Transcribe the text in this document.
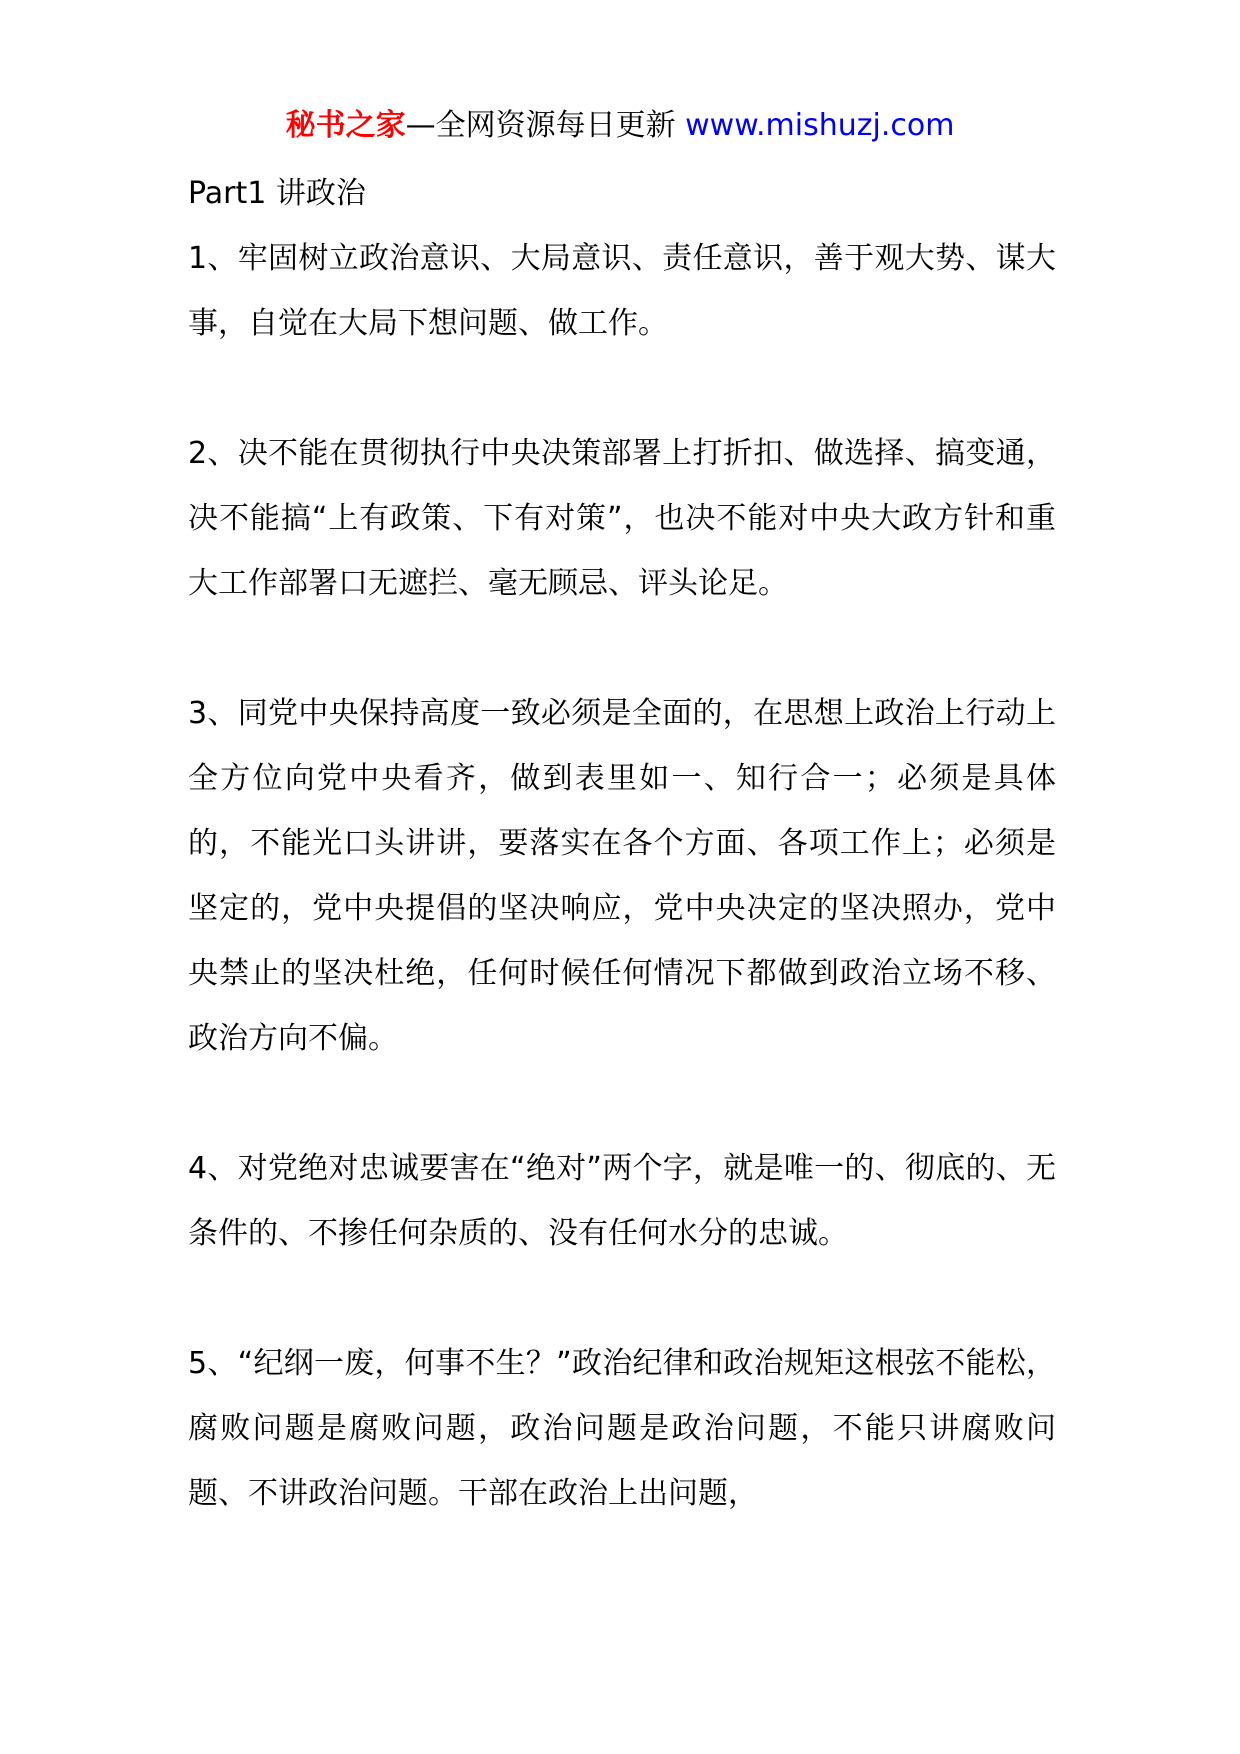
秘书之家—全网资源每日更新 www.mishuzj.com

Part1 讲政治

1、牢固树立政治意识、大局意识、责任意识，善于观大势、谋大事，自觉在大局下想问题、做工作。

2、决不能在贯彻执行中央决策部署上打折扣、做选择、搞变通，决不能搞“上有政策、下有对策”，也决不能对中央大政方针和重大工作部署口无遮拦、毫无顾忌、评头论足。

3、同党中央保持高度一致必须是全面的，在思想上政治上行动上全方位向党中央看齐，做到表里如一、知行合一；必须是具体的，不能光口头讲讲，要落实在各个方面、各项工作上；必须是坚定的，党中央提倡的坚决响应，党中央决定的坚决照办，党中央禁止的坚决杜绝，任何时候任何情况下都做到政治立场不移、政治方向不偏。

4、对党绝对忠诚要害在“绝对”两个字，就是唯一的、彻底的、无条件的、不掺任何杂质的、没有任何水分的忠诚。

5、“纪纲一废，何事不生？”政治纪律和政治规矩这根弦不能松，腐败问题是腐败问题，政治问题是政治问题，不能只讲腐败问题、不讲政治问题。干部在政治上出问题，
